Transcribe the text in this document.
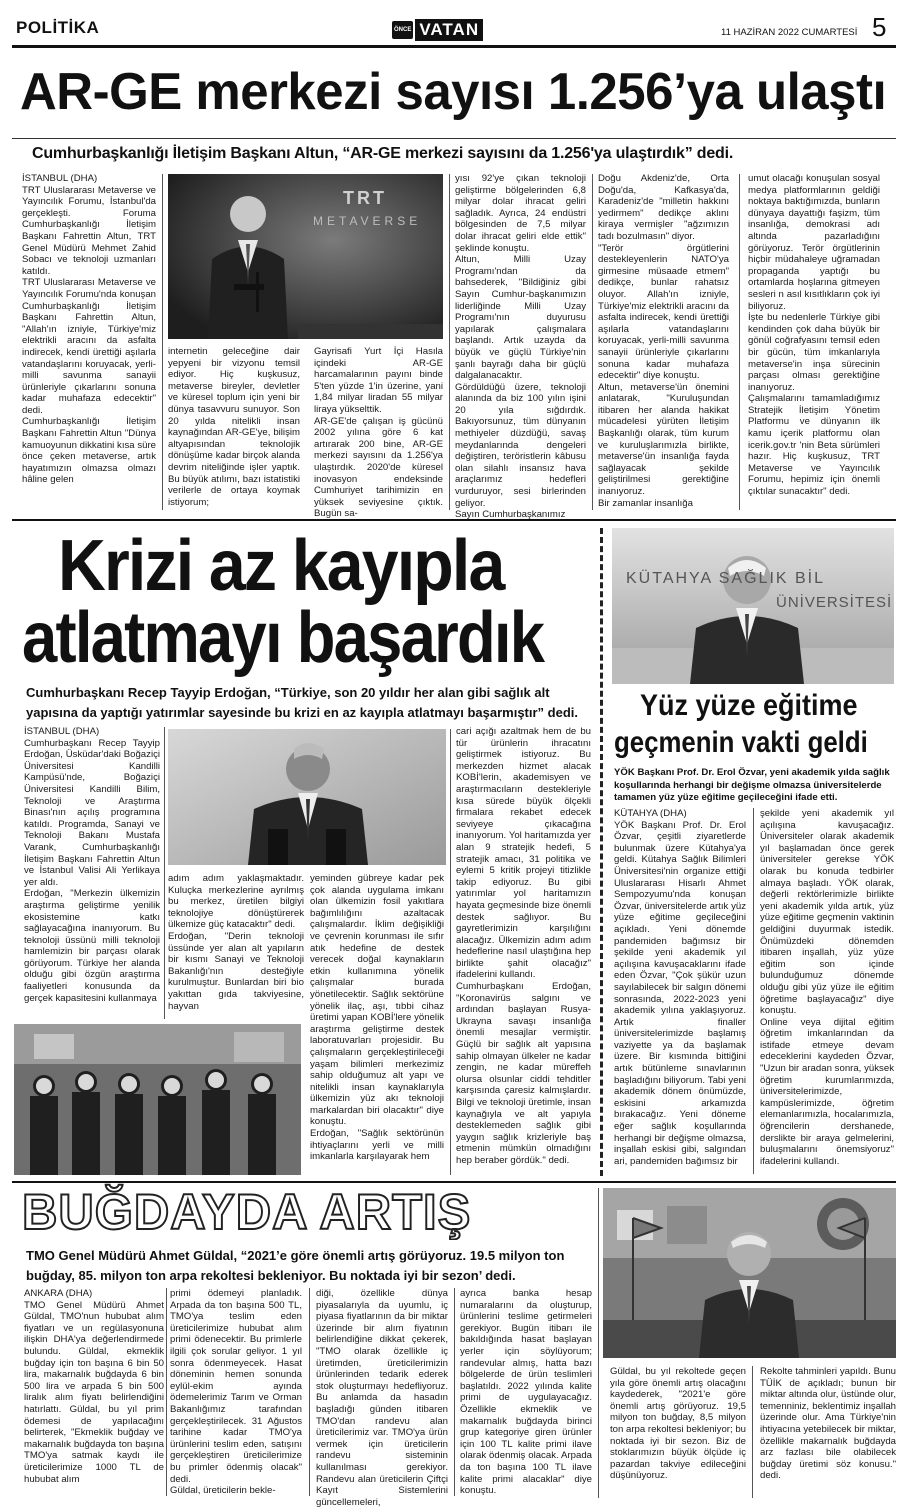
POLİTİKA	ÖNCE VATAN	11 HAZİRAN 2022 CUMARTESİ 5
AR-GE merkezi sayısı 1.256’ya ulaştı
Cumhurbaşkanlığı İletişim Başkanı Altun, “AR-GE merkezi sayısını da 1.256'ya ulaştırdık” dedi.
İSTANBUL (DHA)
TRT Uluslararası Metaverse ve Yayıncılık Forumu, İstanbul'da gerçekleşti. Foruma Cumhurbaşkanlığı İletişim Başkanı Fahrettin Altun, TRT Genel Müdürü Mehmet Zahid Sobacı ve teknoloji uzmanları katıldı.
TRT Uluslararası Metaverse ve Yayıncılık Forumu'nda konuşan Cumhurbaşkanlığı İletişim Başkanı Fahrettin Altun, "Allah'ın izniyle, Türkiye'miz elektrikli aracını da asfalta indirecek, kendi ürettiği aşılarla vatandaşlarını koruyacak, yerli-milli savunma sanayii ürünleriyle çıkarlarını sonuna kadar muhafaza edecektir" dedi.
Cumhurbaşkanlığı İletişim Başkanı Fahrettin Altun "Dünya kamuoyunun dikkatini kısa süre önce çeken metaverse, artık hayatımızın olmazsa olmazı hâline gelen
TRT
METAVERSE
internetin geleceğine dair yepyeni bir vizyonu temsil ediyor. Hiç kuşkusuz, metaverse bireyler, devletler ve küresel toplum için yeni bir dünya tasavvuru sunuyor. Son 20 yılda nitelikli insan kaynağından AR-GE'ye, bilişim altyapısından teknolojik dönüşüme kadar birçok alanda devrim niteliğinde işler yaptık. Bu büyük atılımı, bazı istatistiki verilerle de ortaya koymak istiyorum;
Gayrisafi Yurt İçi Hasıla içindeki AR-GE harcamalarının payını binde 5'ten yüzde 1'in üzerine, yani 1,84 milyar liradan 55 milyar liraya yükselttik.
AR-GE'de çalışan iş gücünü 2002 yılına göre 6 kat artırarak 200 bine, AR-GE merkezi sayısını da 1.256'ya ulaştırdık. 2020'de küresel inovasyon endeksinde Cumhuriyet tarihimizin en yüksek seviyesine çıktık. Bugün sa-
yısı 92'ye çıkan teknoloji geliştirme bölgelerinden 6,8 milyar dolar ihracat geliri sağladık. Ayrıca, 24 endüstri bölgesinden de 7,5 milyar dolar ihracat geliri elde ettik" şeklinde konuştu.
Altun, Milli Uzay Programı'ndan da bahsederek, "Bildiğiniz gibi Sayın Cumhur-başkanımızın liderliğinde Milli Uzay Programı'nın duyurusu yapılarak çalışmalara başlandı. Artık uzayda da büyük ve güçlü Türkiye'nin şanlı bayrağı daha bir güçlü dalgalanacaktır.
Gördüldüğü üzere, teknoloji alanında da biz 100 yılın işini 20 yıla sığdırdık. Bakıyorsunuz, tüm dünyanın methiyeler düzdüğü, savaş meydanlarında dengeleri değiştiren, teröristlerin kâbusu olan silahlı insansız hava araçlarımız hedefleri vurduruyor, sesi birlerinden geliyor.
Sayın Cumhurbaşkanımız
Doğu Akdeniz'de, Orta Doğu'da, Kafkasya'da, Karadeniz'de "milletin hakkını yedirmem" dedikçe aklını kiraya vermişler "ağzımızın tadı bozulmasın" diyor.
"Terör örgütlerini destekleyenlerin NATO'ya girmesine müsaade etmem" dedikçe, bunlar rahatsız oluyor. Allah'ın izniyle, Türkiye'miz elektrikli aracını da asfalta indirecek, kendi ürettiği aşılarla vatandaşlarını koruyacak, yerli-milli savunma sanayii ürünleriyle çıkarlarını sonuna kadar muhafaza edecektir" diye konuştu.
Altun, metaverse'ün önemini anlatarak, "Kuruluşundan itibaren her alanda hakikat mücadelesi yürüten İletişim Başkanlığı olarak, tüm kurum ve kuruluşlarımızla birlikte, metaverse'ün insanlığa fayda sağlayacak şekilde geliştirilmesi gerektiğine inanıyoruz.
Bir zamanlar insanlığa
umut olacağı konuşulan sosyal medya platformlarının geldiği noktaya baktığımızda, bunların dünyaya dayattığı faşizm, tüm insanlığa, demokrasi adı altında pazarladığını görüyoruz. Terör örgütlerinin hiçbir müdahaleye uğramadan propaganda yaptığı bu ortamlarda hoşlarına gitmeyen sesleri n asıl kısıtlıkların çok iyi biliyoruz.
İşte bu nedenlerle Türkiye gibi kendinden çok daha büyük bir gönül coğrafyasını temsil eden bir gücün, tüm imkanlarıyla metaverse'in inşa sürecinin parçası olması gerektiğine inanıyoruz.
Çalışmalarını tamamladığımız Stratejik İletişim Yönetim Platformu ve dünyanın ilk kamu içerik platformu olan icerik.gov.tr 'nin Beta sürümleri hazır. Hiç kuşkusuz, TRT Metaverse ve Yayıncılık Forumu, hepimiz için önemli çıktılar sunacaktır" dedi.
Krizi az kayıpla
atlatmayı başardık
Cumhurbaşkanı Recep Tayyip Erdoğan, “Türkiye, son 20 yıldır her alan gibi sağlık alt yapısına da yaptığı yatırımlar sayesinde bu krizi en az kayıpla atlatmayı başarmıştır” dedi.
İSTANBUL (DHA)
Cumhurbaşkanı Recep Tayyip Erdoğan, Üsküdar'daki Boğaziçi Üniversitesi Kandilli Kampüsü'nde, Boğaziçi Üniversitesi Kandilli Bilim, Teknoloji ve Araştırma Binası'nın açılış programına katıldı. Programda, Sanayi ve Teknoloji Bakanı Mustafa Varank, Cumhurbaşkanlığı İletişim Başkanı Fahrettin Altun ve İstanbul Valisi Ali Yerlikaya yer aldı.
Erdoğan, "Merkezin ülkemizin araştırma geliştirme yenilik ekosistemine katkı sağlayacağına inanıyorum. Bu teknoloji üssünü milli teknoloji hamlemizin bir parçası olarak görüyorum. Türkiye her alanda olduğu gibi özgün araştırma faaliyetleri konusunda da gerçek kapasitesini kullanmaya
adım adım yaklaşmaktadır. Kuluçka merkezlerine ayrılmış bu merkez, üretilen bilgiyi teknolojiye dönüştürerek ülkemize güç katacaktır" dedi.
Erdoğan, "Derin teknoloji üssünde yer alan alt yapıların bir kısmı Sanayi ve Teknoloji Bakanlığı'nın desteğiyle kurulmuştur. Bunlardan biri bio yakıttan gıda takviyesine, hayvan
yeminden gübreye kadar pek çok alanda uygulama imkanı olan ülkemizin fosil yakıtlara bağımlılığını azaltacak çalışmalardır. İklim değişikliği ve çevrenin korunması ile sıfır atık hedefine de destek verecek doğal kaynakların etkin kullanımına yönelik çalışmalar burada yönetilecektir. Sağlık sektörüne yönelik ilaç, aşı, tıbbi cihaz üretimi yapan KOBİ'lere yönelik araştırma geliştirme destek laboratuvarları projesidir. Bu çalışmaların gerçekleştirileceği yaşam bilimleri merkezimiz sahip olduğumuz alt yapı ve nitelikli insan kaynaklarıyla ülkemizin yüz akı teknoloji markalardan biri olacaktır" diye konuştu.
Erdoğan, "Sağlık sektörünün ihtiyaçlarını yerli ve milli imkanlarla karşılayarak hem
cari açığı azaltmak hem de bu tür ürünlerin ihracatını geliştirmek istiyoruz. Bu merkezden hizmet alacak KOBİ'lerin, akademisyen ve araştırmacıların destekleriyle kısa sürede büyük ölçekli firmalara rekabet edecek seviyeye çıkacağına inanıyorum. Yol haritamızda yer alan 9 stratejik hedefi, 5 stratejik amacı, 31 politika ve eylemi 5 kritik projeyi titizlikle takip ediyoruz. Bu gibi yatırımlar yol haritamızın hayata geçmesinde bize önemli destek sağlıyor. Bu gayretlerimizin karşılığını alacağız. Ülkemizin adım adım hedeflerine nasıl ulaştığına hep birlikte şahit olacağız" ifadelerini kullandı.
Cumhurbaşkanı Erdoğan, "Koronavirüs salgını ve ardından başlayan Rusya-Ukrayna savaşı insanlığa önemli mesajlar vermiştir. Güçlü bir sağlık alt yapısına sahip olmayan ülkeler ne kadar zengin, ne kadar müreffeh olursa olsunlar ciddi tehditler karşısında çaresiz kalmışlardır. Bilgi ve teknoloji üretimle, insan kaynağıyla ve alt yapıyla desteklemeden sağlık gibi yaygın sağlık krizleriyle baş etmenin mümkün olmadığını hep beraber gördük." dedi.
KÜTAHYA SAĞLIK BİL
ÜNİVERSİTESİ
Yüz yüze eğitime
geçmenin vakti geldi
YÖK Başkanı Prof. Dr. Erol Özvar, yeni akademik yılda sağlık koşullarında herhangi bir değişme olmazsa üniversitelerde tamamen yüz yüze eğitime geçileceğini ifade etti.
KÜTAHYA (DHA)
YÖK Başkanı Prof. Dr. Erol Özvar, çeşitli ziyaretlerde bulunmak üzere Kütahya'ya geldi. Kütahya Sağlık Bilimleri Üniversitesi'nin organize ettiği Uluslararası Hisarlı Ahmet Sempozyumu'nda konuşan Özvar, üniversitelerde artık yüz yüze eğitime geçileceğini açıkladı. Yeni dönemde pandemiden bağımsız bir şekilde yeni akademik yıl açılışına kavuşacaklarını ifade eden Özvar, "Çok şükür uzun sayılabilecek bir salgın dönemi sonrasında, 2022-2023 yeni akademik yılına yaklaşıyoruz. Artık finaller üniversitelerimizde başlamış vaziyette ya da başlamak üzere. Bir kısmında bittiğini artık bütünleme sınavlarının başladığını biliyorum. Tabi yeni akademik dönem önümüzde, eskisini arkamızda bırakacağız. Yeni döneme eğer sağlık koşullarında herhangi bir değişme olmazsa, inşallah eskisi gibi, salgından ari, pandemiden bağımsız bir
şekilde yeni akademik yıl açılışına kavuşacağız. Üniversiteler olarak akademik yıl başlamadan önce gerek üniversiteler gerekse YÖK olarak bu konuda tedbirler almaya başladı. YÖK olarak, değerli rektörlerimizle birlikte yeni akademik yılda artık, yüz yüze eğitime geçmenin vaktinin geldiğini duyurmak istedik. Önümüzdeki dönemden itibaren inşallah, yüz yüze eğitim son içinde bulunduğumuz dönemde olduğu gibi yüz yüze ile eğitim öğretime başlayacağız" diye konuştu.
Online veya dijital eğitim öğretim imkanlarından da istifade etmeye devam edeceklerini kaydeden Özvar, "Uzun bir aradan sonra, yüksek öğretim kurumlarımızda, üniversitelerimizde, kampüslerimizde, öğretim elemanlarımızla, hocalarımızla, öğrencilerin dershanede, derslikte bir araya gelmelerini, buluşmalarını önemsiyoruz" ifadelerini kullandı.
BUĞDAYDA ARTIŞ
TMO Genel Müdürü Ahmet Güldal, “2021’e göre önemli artış görüyoruz. 19.5 milyon ton buğday, 85. milyon ton arpa rekoltesi bekleniyor. Bu noktada iyi bir sezon’ dedi.
ANKARA (DHA)
TMO Genel Müdürü Ahmet Güldal, TMO'nun hububat alım fiyatları ve un regülasyonuna ilişkin DHA'ya değerlendirmede bulundu. Güldal, ekmeklik buğday için ton başına 6 bin 50 lira, makarnalık buğdayda 6 bin 500 lira ve arpada 5 bin 500 liralık alım fiyatı belirlendiğini hatırlattı. Güldal, bu yıl prim ödemesi de yapılacağını belirterek, "Ekmeklik buğday ve makarnalık buğdayda ton başına TMO'ya satmak kaydı ile üreticilerimize 1000 TL de hububat alım
primi ödemeyi planladık. Arpada da ton başına 500 TL, TMO'ya teslim eden üreticilerimize hububat alım primi ödenecektir. Bu primlerle ilgili çok sorular geliyor. 1 yıl sonra ödenmeyecek. Hasat döneminin hemen sonunda eylül-ekim ayında ödemelerimiz Tarım ve Orman Bakanlığımız tarafından gerçekleştirilecek. 31 Ağustos tarihine kadar TMO'ya ürünlerini teslim eden, satışını gerçekleştiren üreticilerimize bu primler ödenmiş olacak" dedi.
Güldal, üreticilerin bekle-
diği, özellikle dünya piyasalarıyla da uyumlu, iç piyasa fiyatlarının da bir miktar üzerinde bir alım fiyatının belirlendiğine dikkat çekerek, "TMO olarak özellikle iç üretimden, üreticilerimizin ürünlerinden tedarik ederek stok oluşturmayı hedefliyoruz. Bu anlamda da hasadın başladığı günden itibaren TMO'dan randevu alan üreticilerimiz var. TMO'ya ürün vermek için üreticilerin randevu sisteminin kullanılması gerekiyor. Randevu alan üreticilerin Çiftçi Kayıt Sistemlerini güncellemeleri,
ayrıca banka hesap numaralarını da oluşturup, ürünlerini teslime getirmeleri gerekiyor. Bugün itibarı ile bakıldığında hasat başlayan yerler için söylüyorum; randevular almış, hatta bazı bölgelerde de ürün teslimleri başlatıldı. 2022 yılında kalite primi de uygulayacağız. Özellikle ekmeklik ve makarnalık buğdayda birinci grup kategoriye giren ürünler için 100 TL kalite primi ilave olarak ödenmiş olacak. Arpada da ton başına 100 TL ilave kalite primi alacaklar" diye konuştu.
Güldal, bu yıl rekoltede geçen yıla göre önemli artış olacağını kaydederek, "2021'e göre önemli artış görüyoruz. 19,5 milyon ton buğday, 8,5 milyon ton arpa rekoltesi bekleniyor; bu noktada iyi bir sezon. Biz de stoklarımızın büyük ölçüde iç pazardan takviye edileceğini düşünüyoruz.
Rekolte tahminleri yapıldı. Bunu TÜİK de açıkladı; bunun bir miktar altında olur, üstünde olur, temenniniz, beklentimiz inşallah üzerinde olur. Ama Türkiye'nin ihtiyacına yetebilecek bir miktar, özellikle makarnalık buğdayda arz fazlası bile olabilecek buğday üretimi söz konusu." dedi.
